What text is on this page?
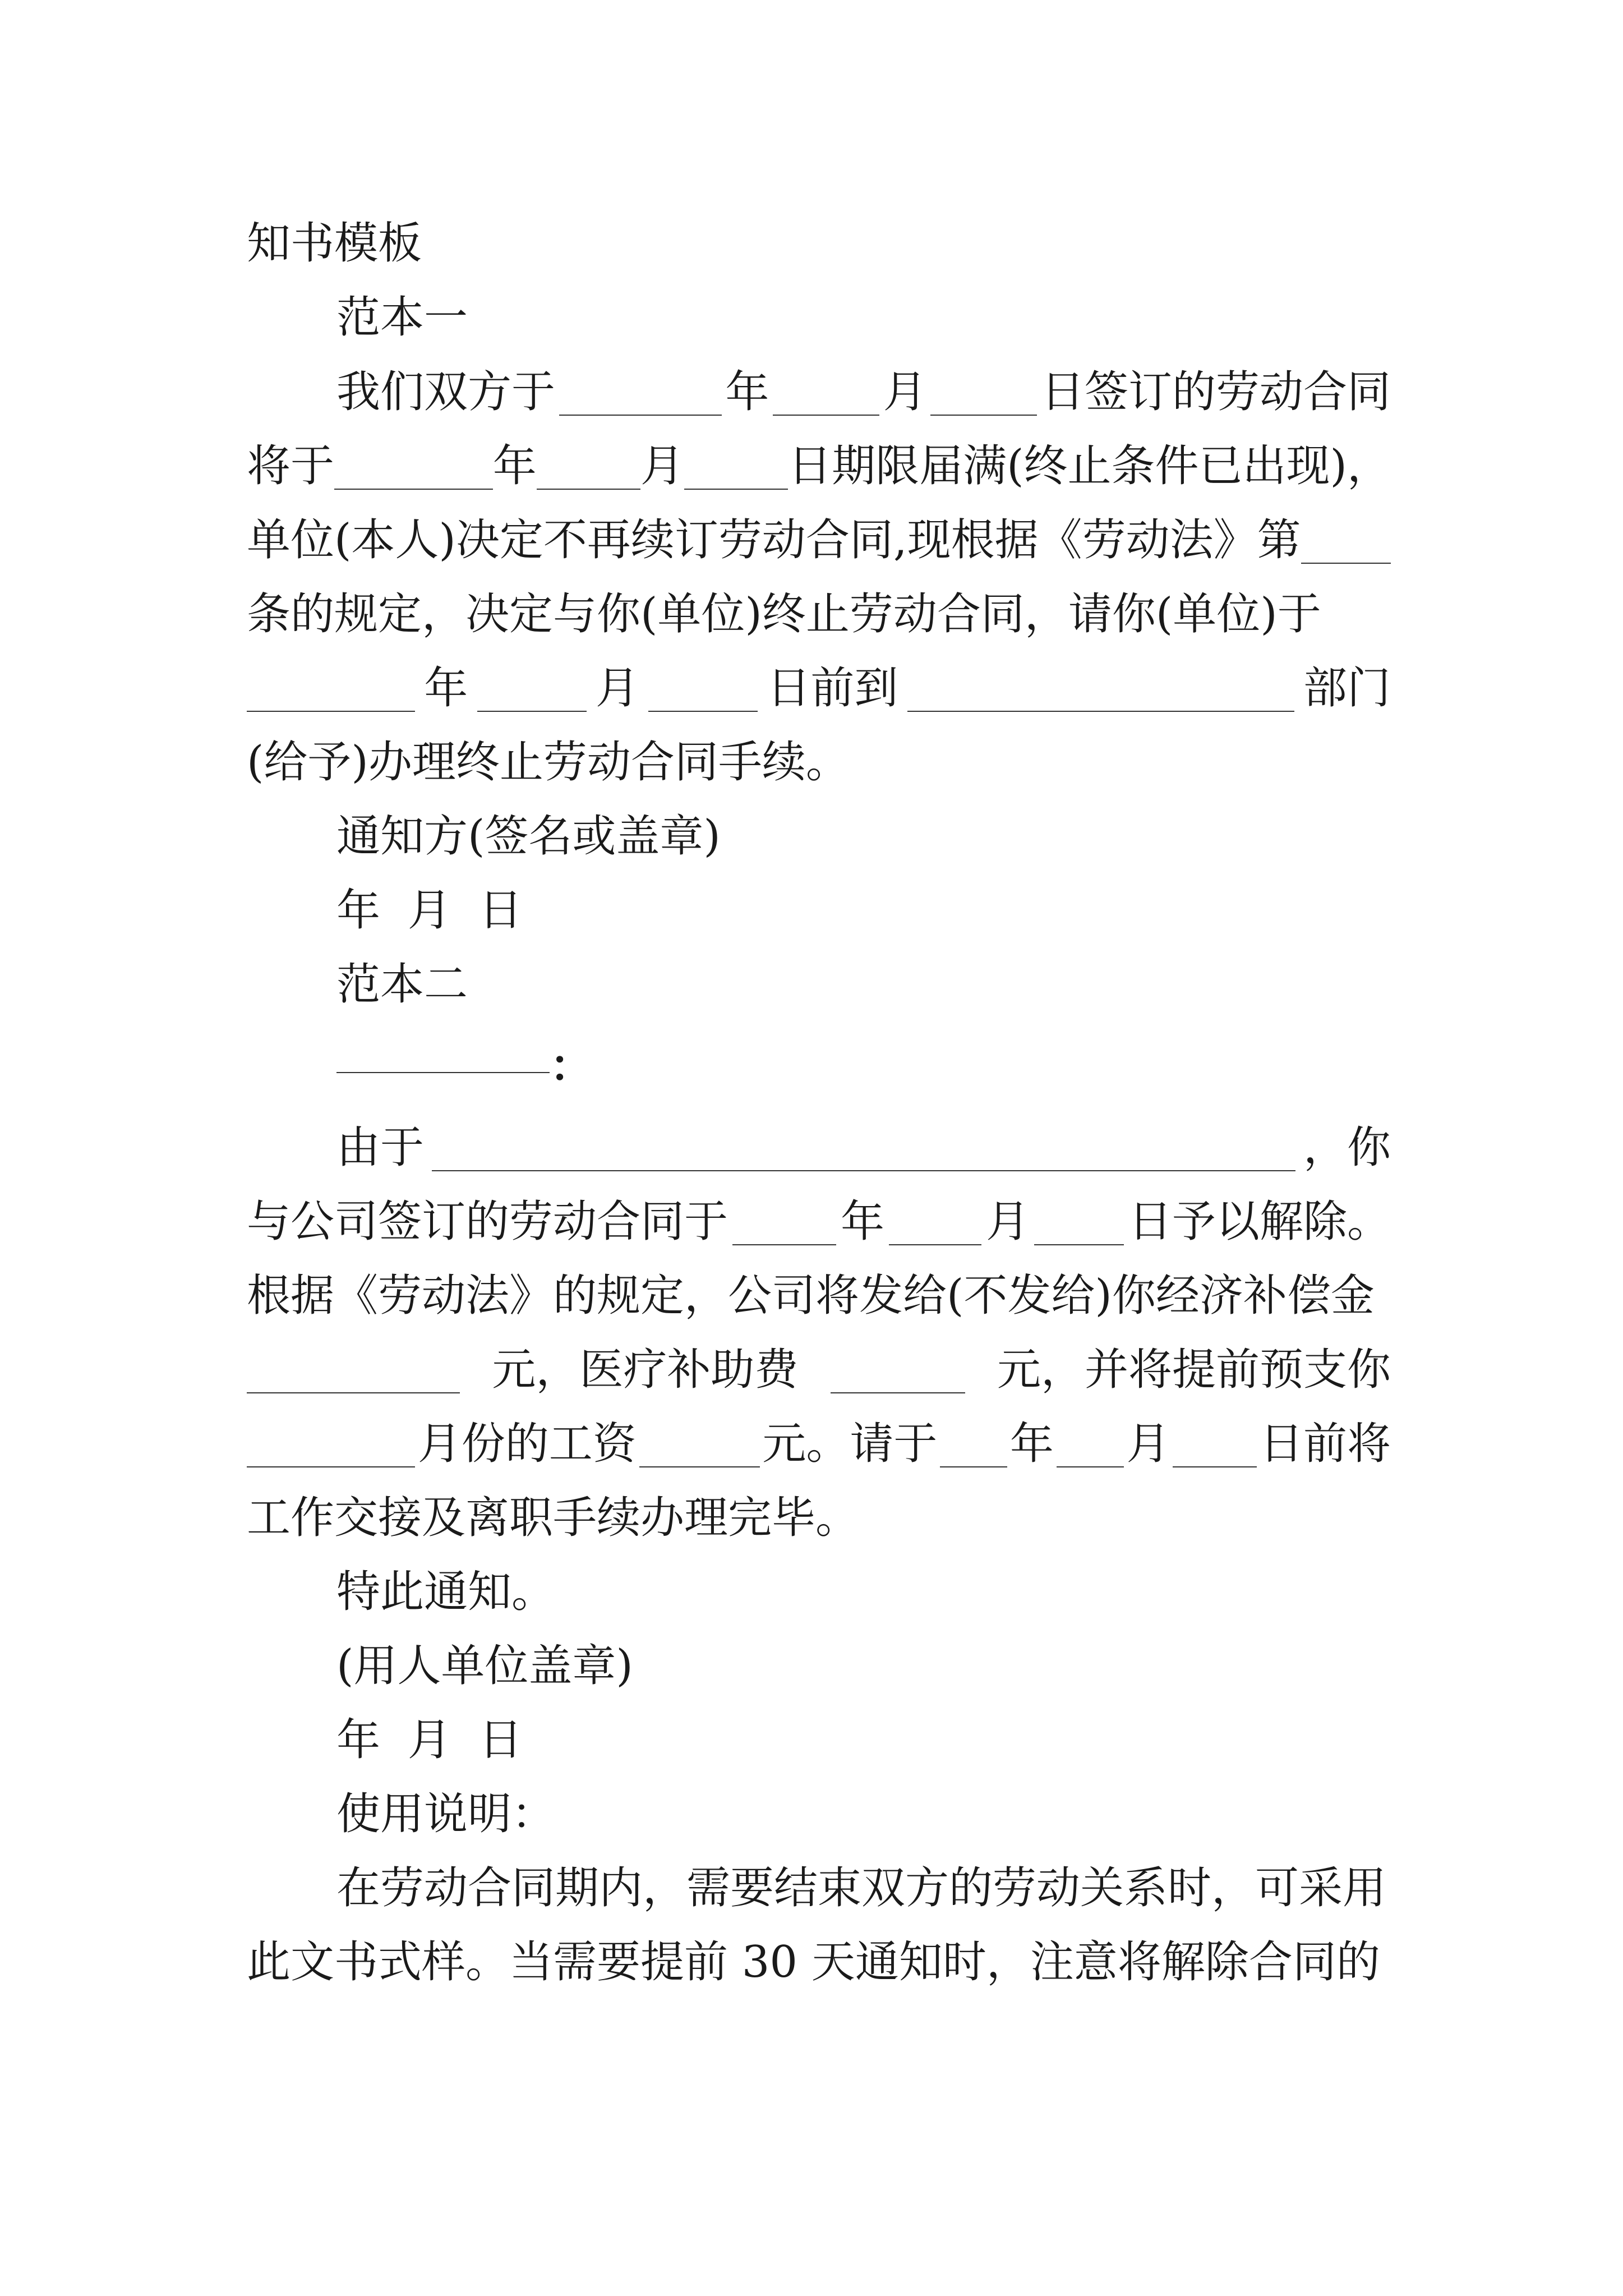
知书模板
范本一
我们双方于	年	月	日签订的劳动合同
将于	年 月 日期限届满(终止条件已出现)，
单位(本人)决定不再续订劳动合同,现根据《劳动法》第
条的规定，决定与你(单位)终止劳动合同，请你(单位)于
年	月	日前到	部门
(给予)办理终止劳动合同手续。
通知方(签名或盖章)
年 月 日
范本二
：
由于	，你
与公司签订的劳动合同于	年 月 日予以解除。
根据《劳动法》的规定，公司将发给(不发给)你经济补偿金
元，医疗补助费	元，并将提前预支你
月份的工资	元。请于 年 月 日前将
工作交接及离职手续办理完毕。
特此通知。
(用人单位盖章)
年 月 日
使用说明：
在劳动合同期内，需要结束双方的劳动关系时，可采用
此文书式样。当需要提前 30 天通知时，注意将解除合同的
